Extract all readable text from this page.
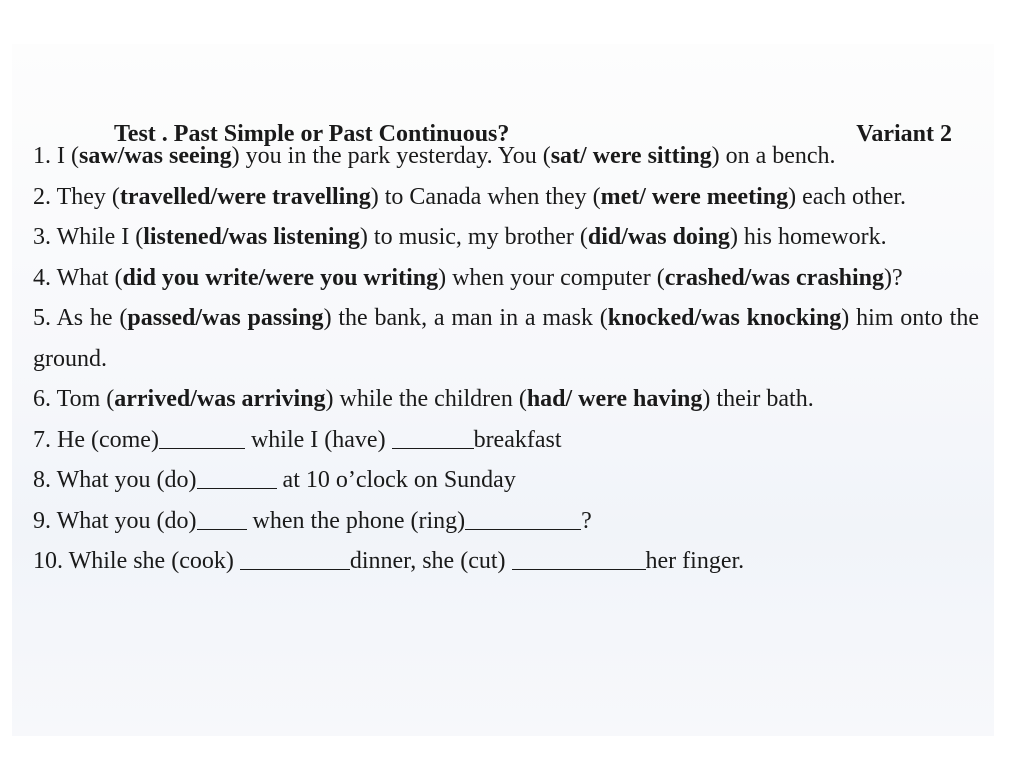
Test . Past Simple or Past Continuous?	Variant 2

1. I (saw/was seeing) you in the park yesterday. You (sat/ were sitting) on a bench.

2. They (travelled/were travelling) to Canada when they (met/ were meeting) each other.

3. While I (listened/was listening) to music, my brother (did/was doing) his homework.

4. What (did you write/were you writing) when your computer (crashed/was crashing)?

5. As he (passed/was passing) the bank, a man in a mask (knocked/was knocking) him onto the ground.

6. Tom (arrived/was arriving) while the children (had/ were having) their bath.

7. He (come)	while I (have)	breakfast

8. What you (do)	at 10 o’clock on Sunday

9. What you (do) when the phone (ring)	?

10. While she (cook)	dinner, she (cut)	her finger.
